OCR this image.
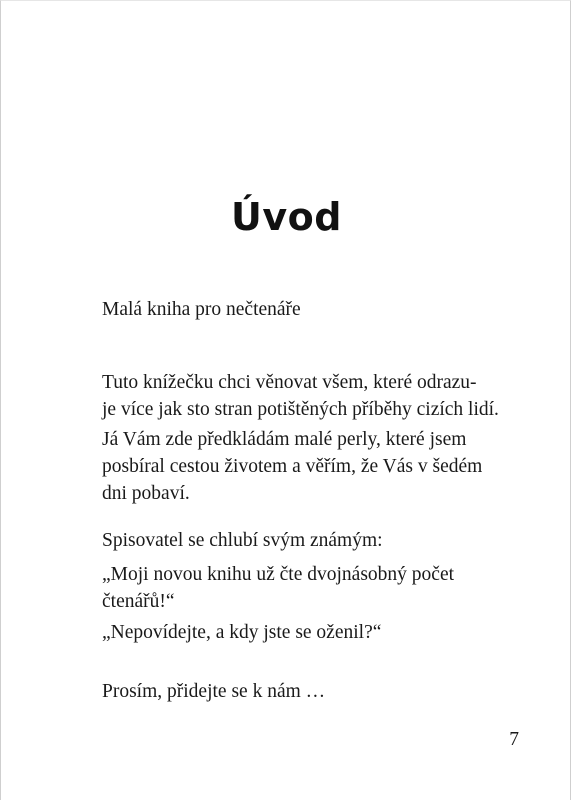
Úvod

Malá kniha pro nečtenáře

Tuto knížečku chci věnovat všem, které odrazu-

je více jak sto stran potištěných příběhy cizích lidí.

Já Vám zde předkládám malé perly, které jsem

posbíral cestou životem a věřím, že Vás v šedém

dni pobaví.

Spisovatel se chlubí svým známým:

„Moji novou knihu už čte dvojnásobný počet

čtenářů!“

„Nepovídejte, a kdy jste se oženil?“

Prosím, přidejte se k nám …

7
